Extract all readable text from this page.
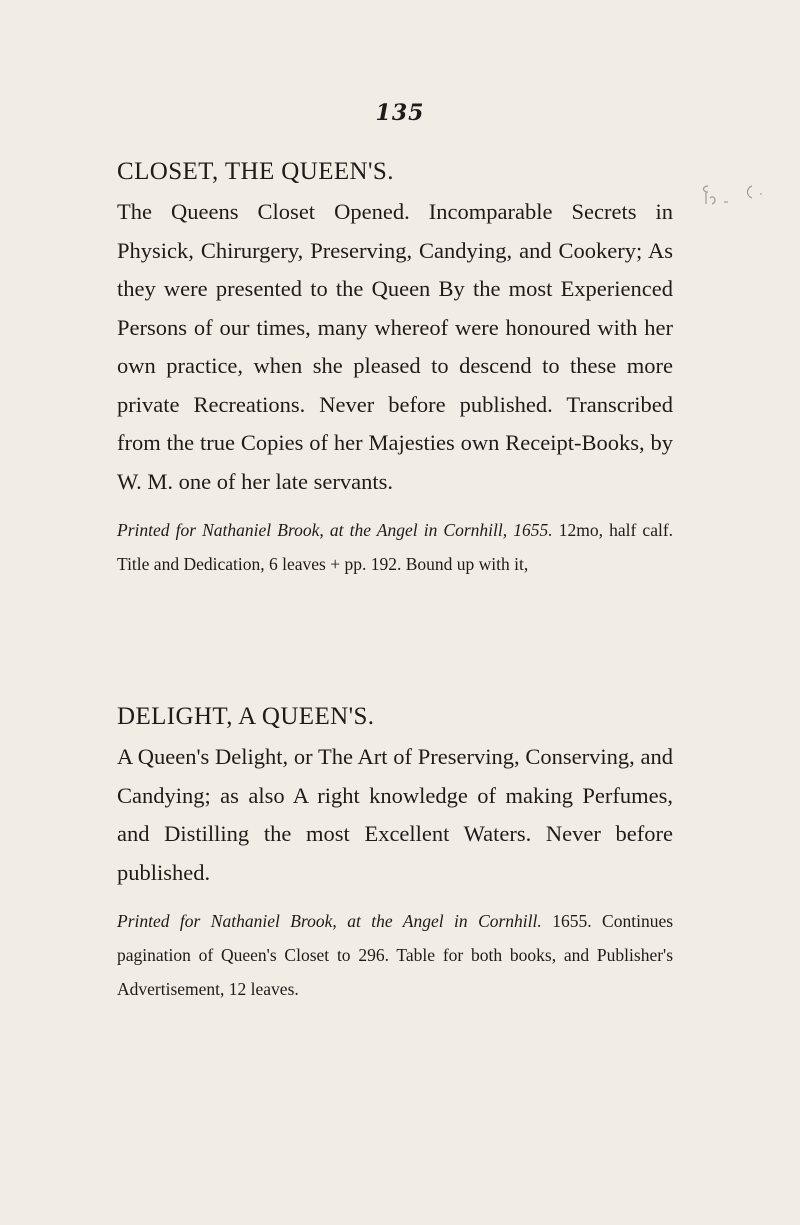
135
CLOSET, THE QUEEN'S.

The Queens Closet Opened. Incomparable Secrets in Physick, Chirurgery, Preserving, Candying, and Cookery; As they were presented to the Queen By the most Experienced Persons of our times, many whereof were honoured with her own practice, when she pleased to descend to these more private Recreations. Never before published. Transcribed from the true Copies of her Majesties own Receipt-Books, by W. M. one of her late servants.

Printed for Nathaniel Brook, at the Angel in Cornhill, 1655. 12mo, half calf. Title and Dedication, 6 leaves + pp. 192. Bound up with it,

DELIGHT, A QUEEN'S.

A Queen's Delight, or The Art of Preserving, Conserving, and Candying; as also A right knowledge of making Perfumes, and Distilling the most Excellent Waters. Never before published.

Printed for Nathaniel Brook, at the Angel in Cornhill. 1655. Continues pagination of Queen's Closet to 296. Table for both books, and Publisher's Advertisement, 12 leaves.
